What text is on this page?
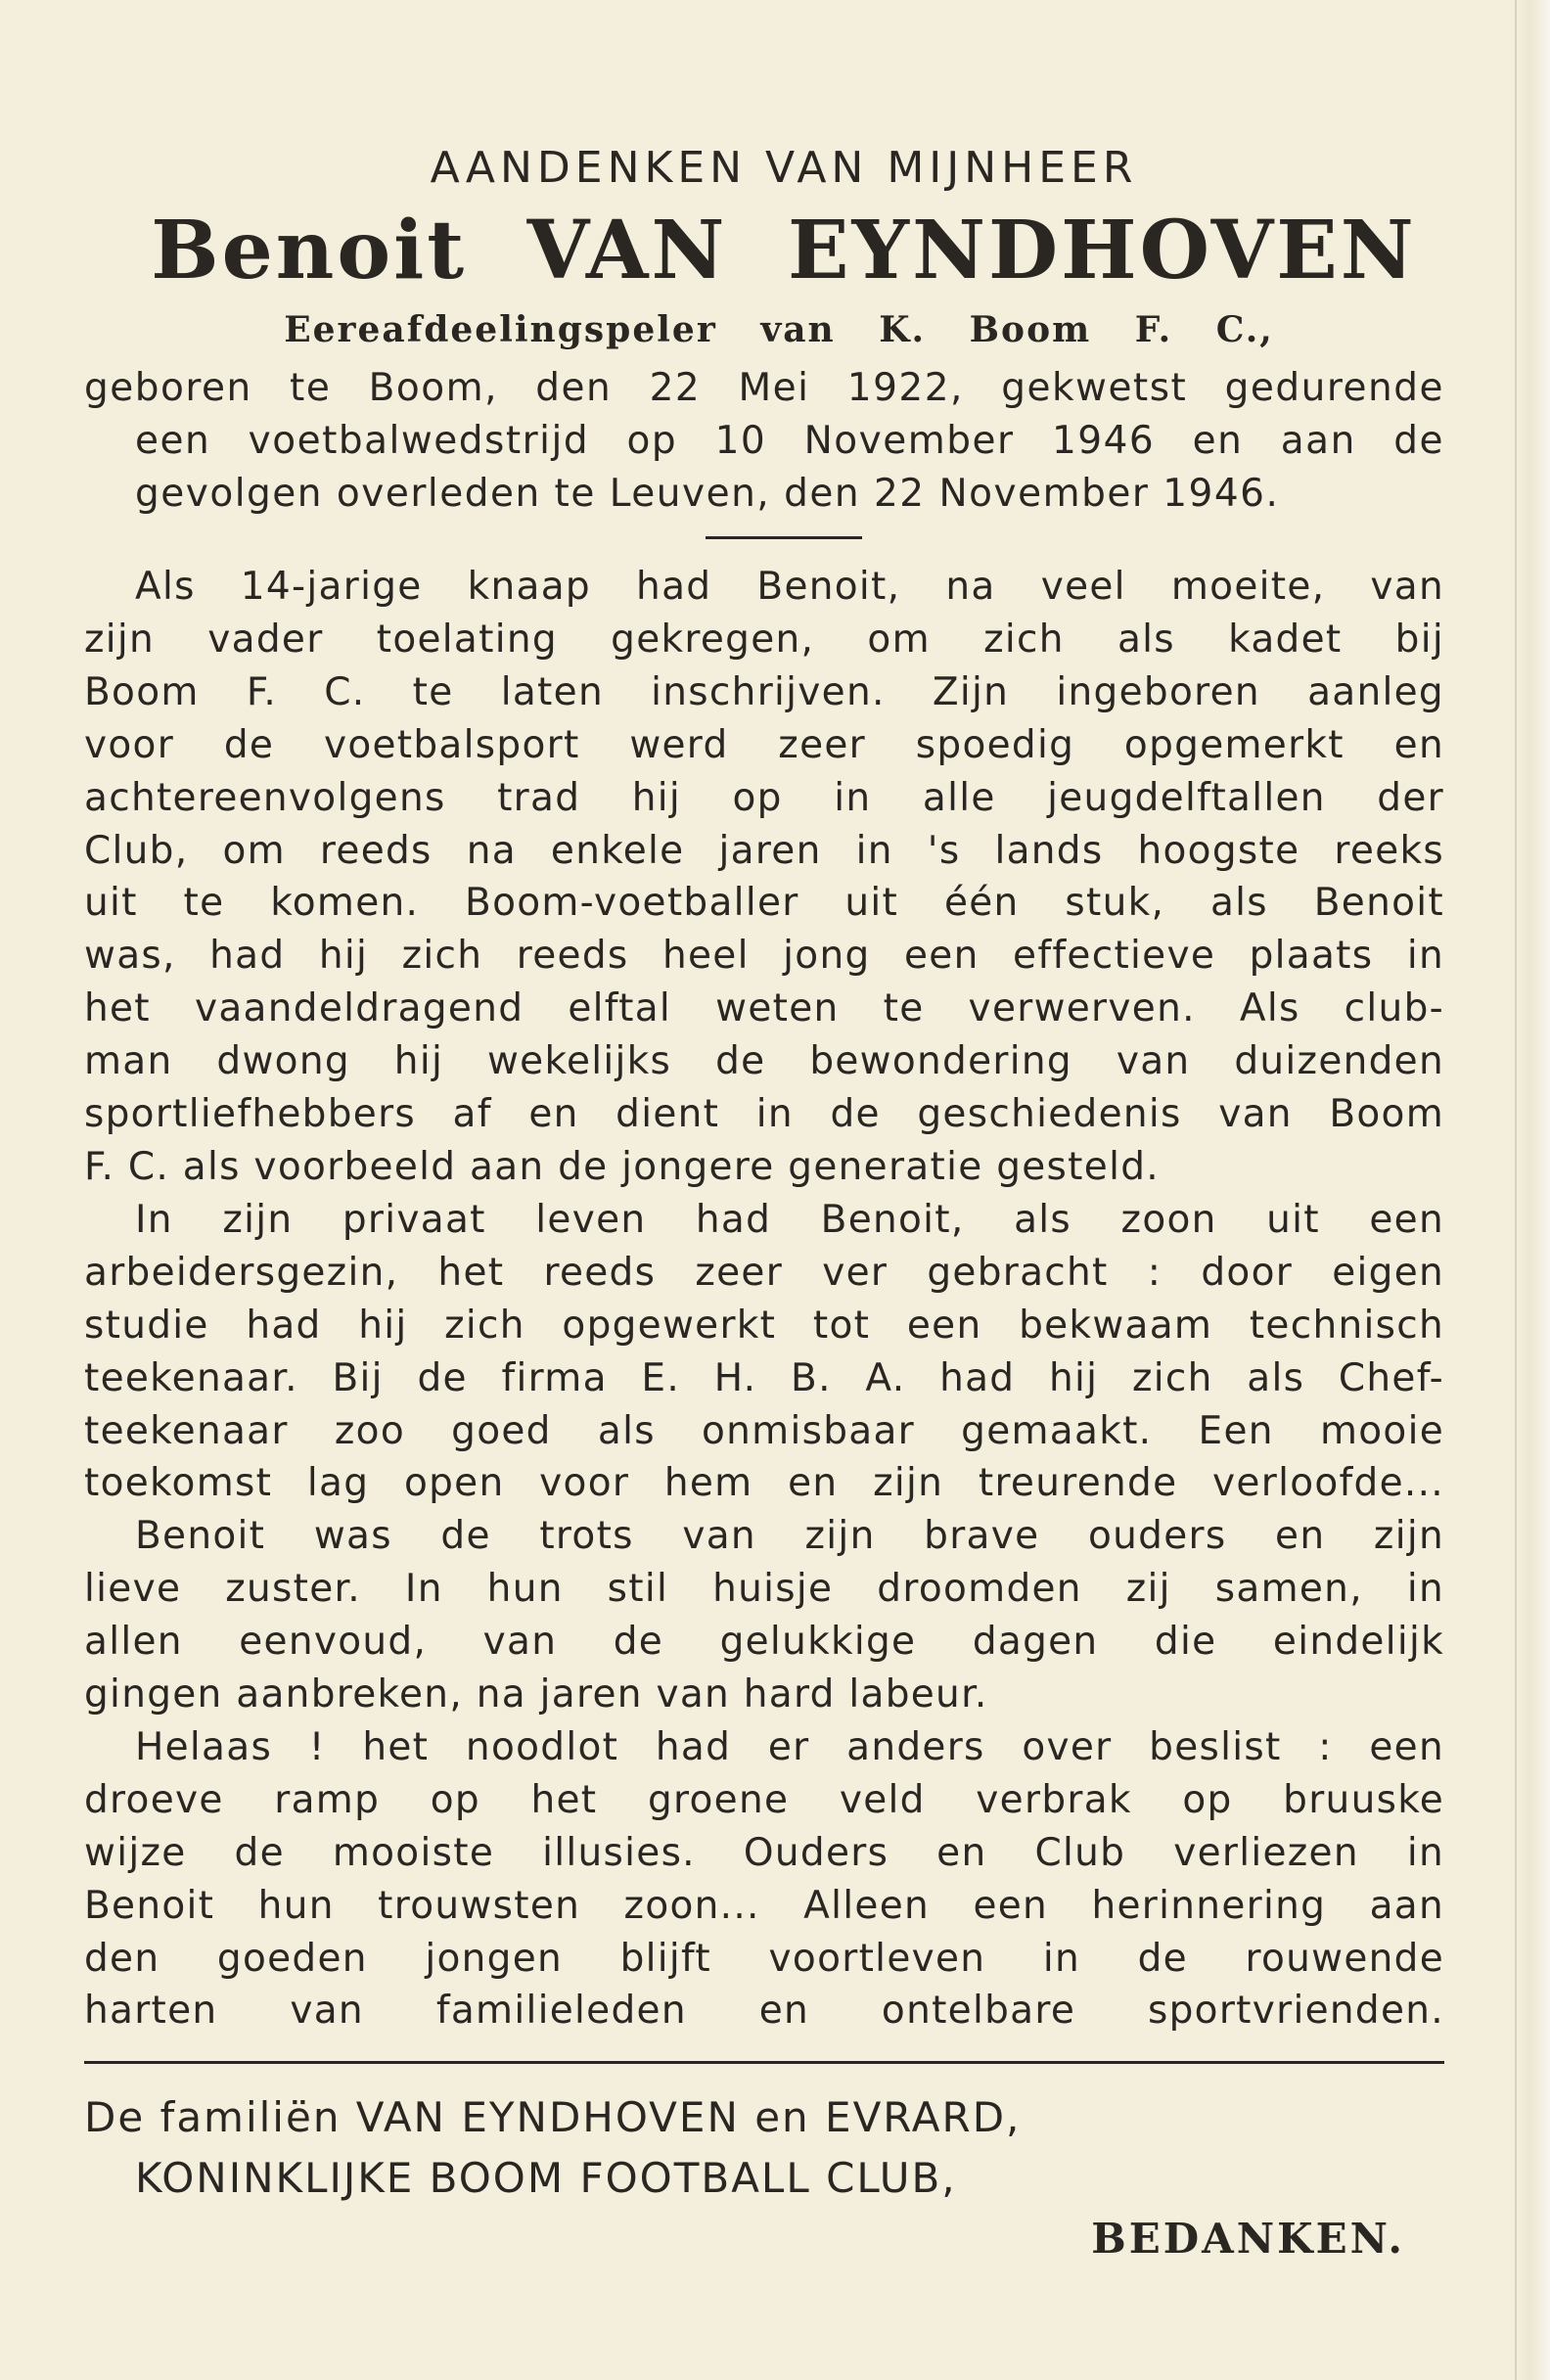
AANDENKEN VAN MIJNHEER

Benoit VAN EYNDHOVEN

Eereafdeelingspeler van K. Boom F. C.,

geboren te Boom, den 22 Mei 1922, gekwetst gedurende
een voetbalwedstrijd op 10 November 1946 en aan de
gevolgen overleden te Leuven, den 22 November 1946.

Als 14-jarige knaap had Benoit, na veel moeite, van
zijn vader toelating gekregen, om zich als kadet bij
Boom F. C. te laten inschrijven. Zijn ingeboren aanleg
voor de voetbalsport werd zeer spoedig opgemerkt en
achtereenvolgens trad hij op in alle jeugdelftallen der
Club, om reeds na enkele jaren in 's lands hoogste reeks
uit te komen. Boom-voetballer uit één stuk, als Benoit
was, had hij zich reeds heel jong een effectieve plaats in
het vaandeldragend elftal weten te verwerven. Als club-
man dwong hij wekelijks de bewondering van duizenden
sportliefhebbers af en dient in de geschiedenis van Boom
F. C. als voorbeeld aan de jongere generatie gesteld.
In zijn privaat leven had Benoit, als zoon uit een
arbeidersgezin, het reeds zeer ver gebracht : door eigen
studie had hij zich opgewerkt tot een bekwaam technisch
teekenaar. Bij de firma E. H. B. A. had hij zich als Chef-
teekenaar zoo goed als onmisbaar gemaakt. Een mooie
toekomst lag open voor hem en zijn treurende verloofde...
Benoit was de trots van zijn brave ouders en zijn
lieve zuster. In hun stil huisje droomden zij samen, in
allen eenvoud, van de gelukkige dagen die eindelijk
gingen aanbreken, na jaren van hard labeur.
Helaas ! het noodlot had er anders over beslist : een
droeve ramp op het groene veld verbrak op bruuske
wijze de mooiste illusies. Ouders en Club verliezen in
Benoit hun trouwsten zoon... Alleen een herinnering aan
den goeden jongen blijft voortleven in de rouwende
harten van familieleden en ontelbare sportvrienden.

De familiën VAN EYNDHOVEN en EVRARD,
KONINKLIJKE BOOM FOOTBALL CLUB,
BEDANKEN.
